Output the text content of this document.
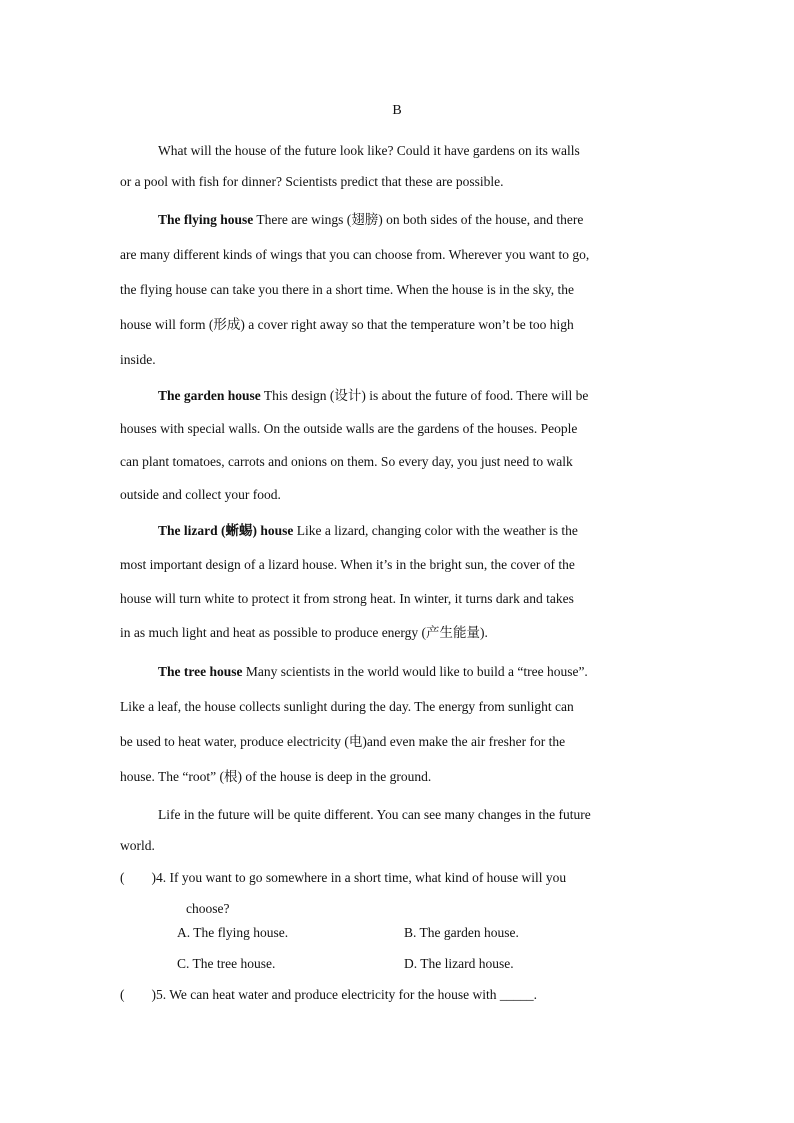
B
What will the house of the future look like? Could it have gardens on its walls
or a pool with fish for dinner? Scientists predict that these are possible.
The flying house There are wings (翅膀) on both sides of the house, and there
are many different kinds of wings that you can choose from. Wherever you want to go,
the flying house can take you there in a short time. When the house is in the sky, the
house will form (形成) a cover right away so that the temperature won’t be too high
inside.
The garden house This design (设计) is about the future of food. There will be
houses with special walls. On the outside walls are the gardens of the houses. People
can plant tomatoes, carrots and onions on them. So every day, you just need to walk
outside and collect your food.
The lizard (蜥蜴) house Like a lizard, changing color with the weather is the
most important design of a lizard house. When it’s in the bright sun, the cover of the
house will turn white to protect it from strong heat. In winter, it turns dark and takes
in as much light and heat as possible to produce energy (产生能量).
The tree house Many scientists in the world would like to build a “tree house”.
Like a leaf, the house collects sunlight during the day. The energy from sunlight can
be used to heat water, produce electricity (电)and even make the air fresher for the
house. The “root” (根) of the house is deep in the ground.
Life in the future will be quite different. You can see many changes in the future
world.
(        )4. If you want to go somewhere in a short time, what kind of house will you
choose?
A. The flying house.	B. The garden house.
C. The tree house.	D. The lizard house.
(        )5. We can heat water and produce electricity for the house with _____.
